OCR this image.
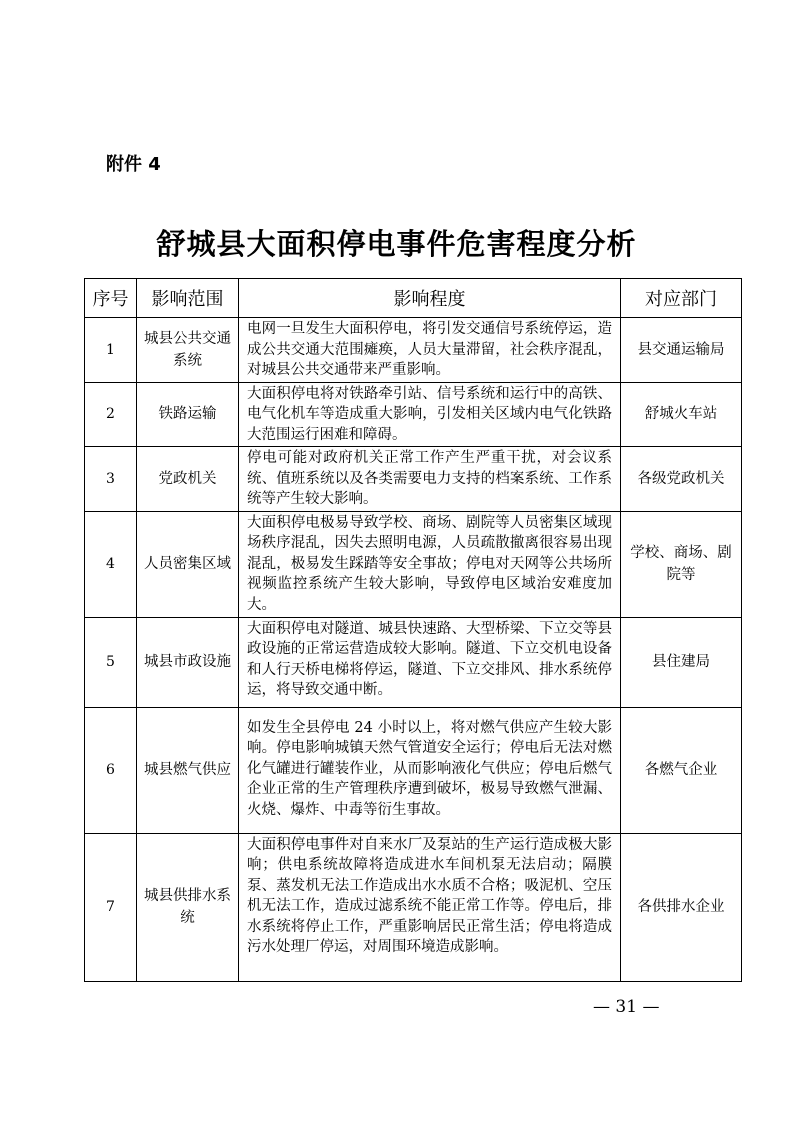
附件 4
舒城县大面积停电事件危害程度分析
序号	影响范围	影响程度	对应部门
1	城县公共交通系统	电网一旦发生大面积停电，将引发交通信号系统停运，造成公共交通大范围瘫痪，人员大量滞留，社会秩序混乱，对城县公共交通带来严重影响。	县交通运输局
2	铁路运输	大面积停电将对铁路牵引站、信号系统和运行中的高铁、电气化机车等造成重大影响，引发相关区域内电气化铁路大范围运行困难和障碍。	舒城火车站
3	党政机关	停电可能对政府机关正常工作产生严重干扰，对会议系统、值班系统以及各类需要电力支持的档案系统、工作系统等产生较大影响。	各级党政机关
4	人员密集区域	大面积停电极易导致学校、商场、剧院等人员密集区域现场秩序混乱，因失去照明电源，人员疏散撤离很容易出现混乱，极易发生踩踏等安全事故；停电对天网等公共场所视频监控系统产生较大影响，导致停电区域治安难度加大。	学校、商场、剧院等
5	城县市政设施	大面积停电对隧道、城县快速路、大型桥梁、下立交等县政设施的正常运营造成较大影响。隧道、下立交机电设备和人行天桥电梯将停运，隧道、下立交排风、排水系统停运，将导致交通中断。	县住建局
6	城县燃气供应	如发生全县停电 24 小时以上，将对燃气供应产生较大影响。停电影响城镇天然气管道安全运行；停电后无法对燃化气罐进行罐装作业，从而影响液化气供应；停电后燃气企业正常的生产管理秩序遭到破坏，极易导致燃气泄漏、火烧、爆炸、中毒等衍生事故。	各燃气企业
7	城县供排水系统	大面积停电事件对自来水厂及泵站的生产运行造成极大影响；供电系统故障将造成进水车间机泵无法启动；隔膜泵、蒸发机无法工作造成出水水质不合格；吸泥机、空压机无法工作，造成过滤系统不能正常工作等。停电后，排水系统将停止工作，严重影响居民正常生活；停电将造成污水处理厂停运，对周围环境造成影响。	各供排水企业
— 31 —
